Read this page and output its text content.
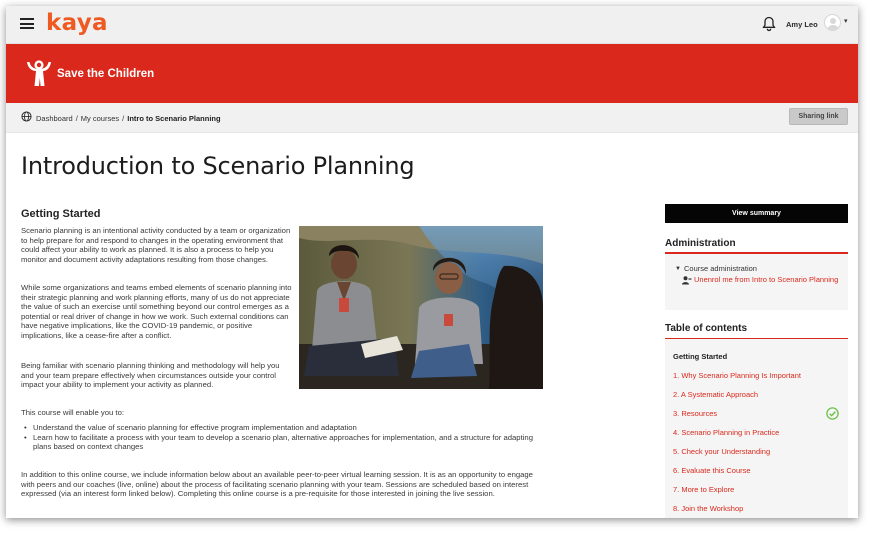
kaya	Amy Leo	▾
Save the Children
Dashboard / My courses / Intro to Scenario Planning	Sharing link
Introduction to Scenario Planning
Getting Started

Scenario planning is an intentional activity conducted by a team or organization to help prepare for and respond to changes in the operating environment that could affect your ability to work as planned. It is also a process to help you monitor and document activity adaptations resulting from those changes.

While some organizations and teams embed elements of scenario planning into their strategic planning and work planning efforts, many of us do not appreciate the value of such an exercise until something beyond our control emerges as a potential or real driver of change in how we work. Such external conditions can have negative implications, like the COVID-19 pandemic, or positive implications, like a cease-fire after a conflict.

Being familiar with scenario planning thinking and methodology will help you and your team prepare effectively when circumstances outside your control impact your ability to implement your activity as planned.

This course will enable you to:

• Understand the value of scenario planning for effective program implementation and adaptation
• Learn how to facilitate a process with your team to develop a scenario plan, alternative approaches for implementation, and a structure for adapting plans based on context changes

In addition to this online course, we include information below about an available peer-to-peer virtual learning session. It is as an opportunity to engage with peers and our coaches (live, online) about the process of facilitating scenario planning with your team. Sessions are scheduled based on interest expressed (via an interest form linked below). Completing this online course is a pre-requisite for those interested in joining the live session.

View summary
Administration
▼ Course administration
Unenrol me from Intro to Scenario Planning
Table of contents
Getting Started
1. Why Scenario Planning Is Important
2. A Systematic Approach
3. Resources
4. Scenario Planning in Practice
5. Check your Understanding
6. Evaluate this Course
7. More to Explore
8. Join the Workshop
